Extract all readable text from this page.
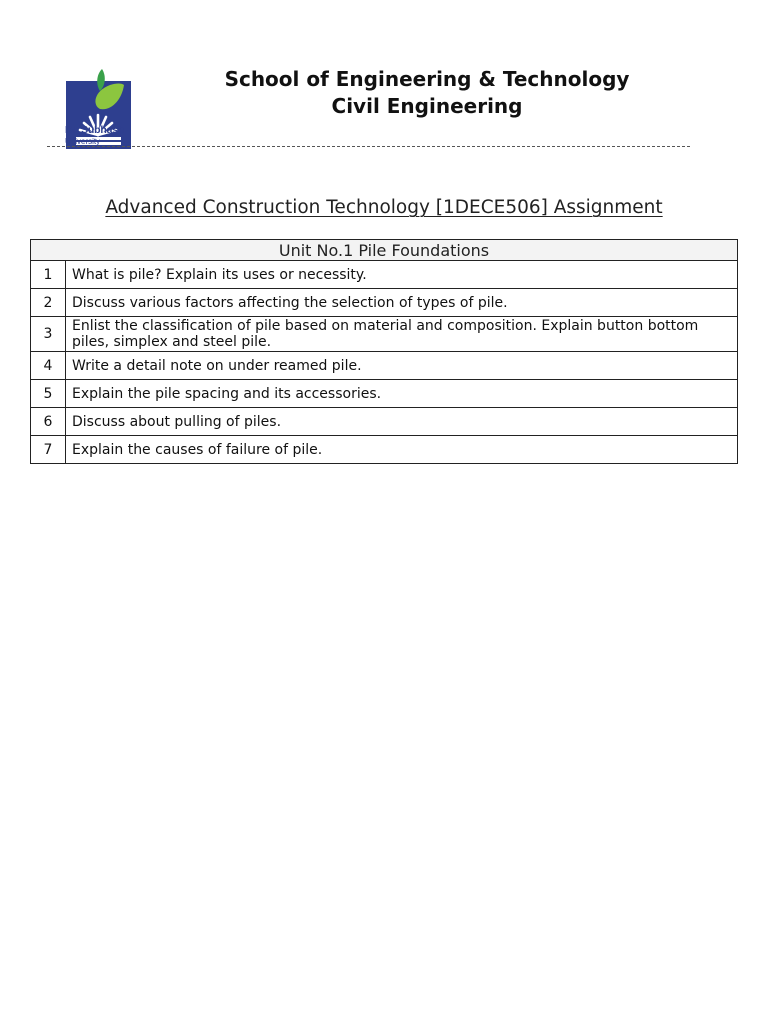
Dr. Subhash
University
School of Engineering & Technology
Civil Engineering
Advanced Construction Technology [1DECE506] Assignment
Unit No.1 Pile Foundations	
1	What is pile? Explain its uses or necessity.
2	Discuss various factors affecting the selection of types of pile.
3	Enlist the classification of pile based on material and composition. Explain button bottom piles, simplex and steel pile.
4	Write a detail note on under reamed pile.
5	Explain the pile spacing and its accessories.
6	Discuss about pulling of piles.
7	Explain the causes of failure of pile.
